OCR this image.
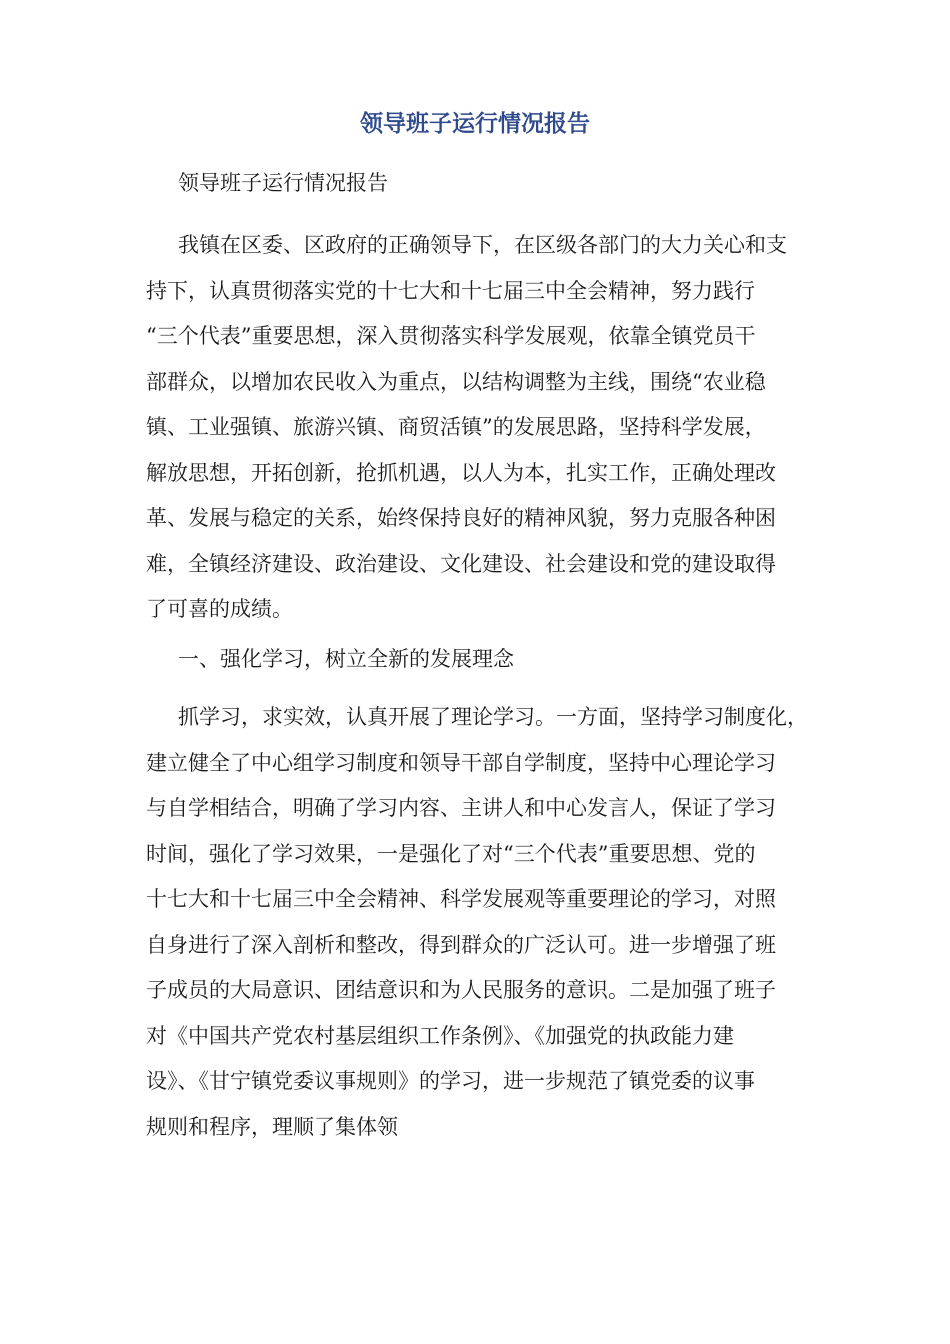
领导班子运行情况报告

领导班子运行情况报告

我镇在区委、区政府的正确领导下，在区级各部门的大力关心和支
持下，认真贯彻落实党的十七大和十七届三中全会精神，努力践行
“三个代表”重要思想，深入贯彻落实科学发展观，依靠全镇党员干
部群众，以增加农民收入为重点，以结构调整为主线，围绕“农业稳
镇、工业强镇、旅游兴镇、商贸活镇”的发展思路，坚持科学发展，
解放思想，开拓创新，抢抓机遇，以人为本，扎实工作，正确处理改
革、发展与稳定的关系，始终保持良好的精神风貌，努力克服各种困
难，全镇经济建设、政治建设、文化建设、社会建设和党的建设取得
了可喜的成绩。

一、强化学习，树立全新的发展理念

抓学习，求实效，认真开展了理论学习。一方面，坚持学习制度化，
建立健全了中心组学习制度和领导干部自学制度，坚持中心理论学习
与自学相结合，明确了学习内容、主讲人和中心发言人，保证了学习
时间，强化了学习效果，一是强化了对“三个代表”重要思想、党的
十七大和十七届三中全会精神、科学发展观等重要理论的学习，对照
自身进行了深入剖析和整改，得到群众的广泛认可。进一步增强了班
子成员的大局意识、团结意识和为人民服务的意识。二是加强了班子
对《中国共产党农村基层组织工作条例》、《加强党的执政能力建
设》、《甘宁镇党委议事规则》的学习，进一步规范了镇党委的议事
规则和程序，理顺了集体领
